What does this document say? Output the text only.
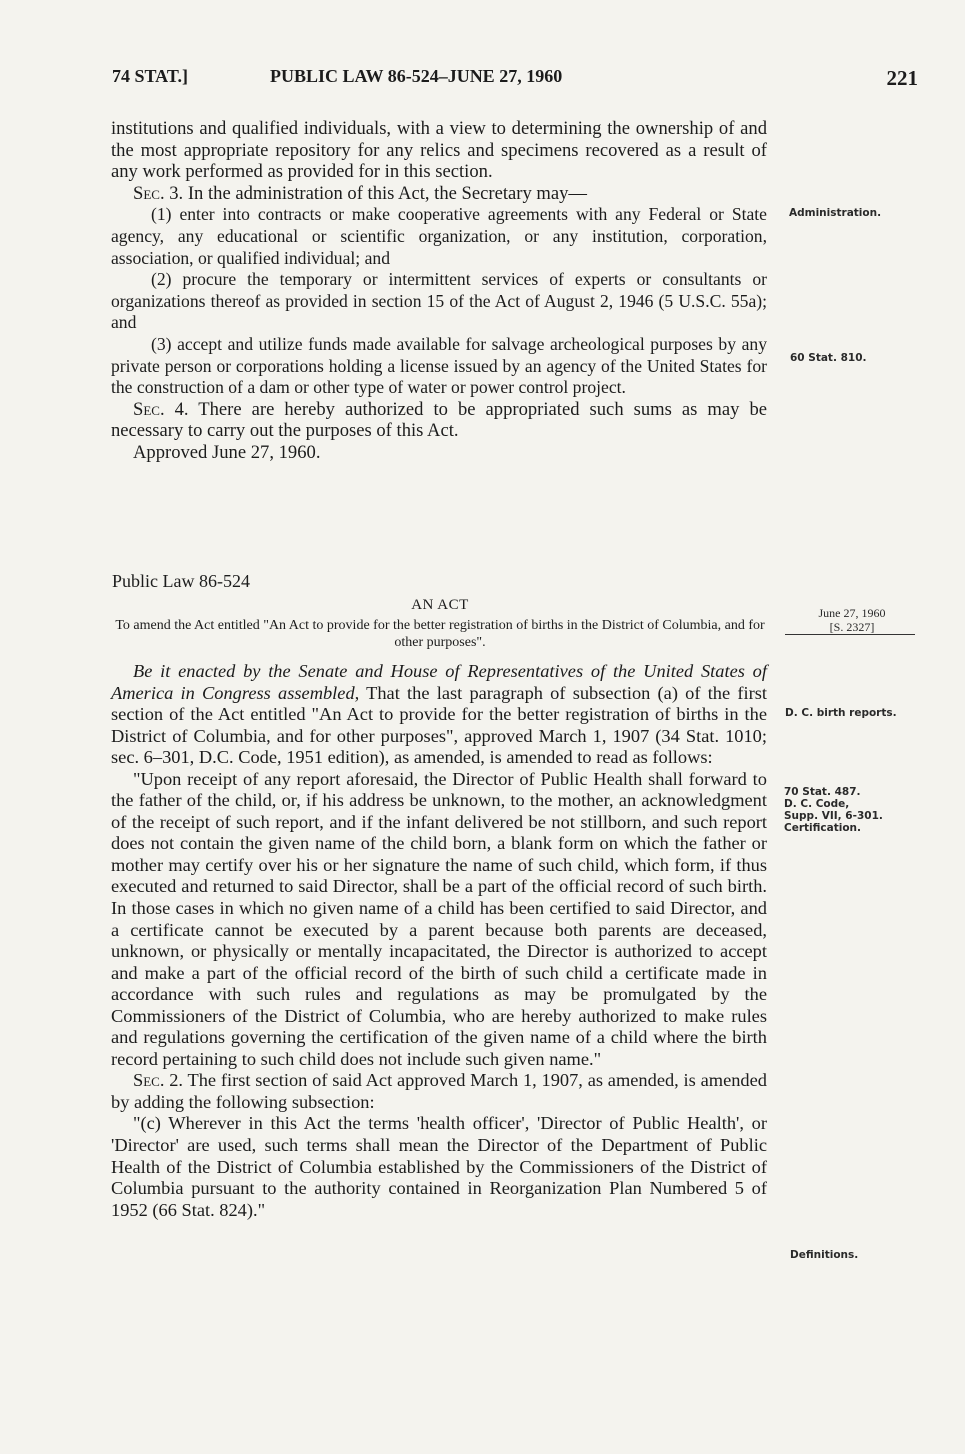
74 STAT.]	PUBLIC LAW 86-524–JUNE 27, 1960	221

institutions and qualified individuals, with a view to determining the ownership of and the most appropriate repository for any relics and specimens recovered as a result of any work performed as provided for in this section.

Sec. 3. In the administration of this Act, the Secretary may—

(1) enter into contracts or make cooperative agreements with any Federal or State agency, any educational or scientific organization, or any institution, corporation, association, or qualified individual; and

(2) procure the temporary or intermittent services of experts or consultants or organizations thereof as provided in section 15 of the Act of August 2, 1946 (5 U.S.C. 55a); and

(3) accept and utilize funds made available for salvage archeological purposes by any private person or corporations holding a license issued by an agency of the United States for the construction of a dam or other type of water or power control project.

Sec. 4. There are hereby authorized to be appropriated such sums as may be necessary to carry out the purposes of this Act.

Approved June 27, 1960.

Public Law 86-524
AN ACT
To amend the Act entitled "An Act to provide for the better registration of births in the District of Columbia, and for other purposes".

Be it enacted by the Senate and House of Representatives of the United States of America in Congress assembled, That the last paragraph of subsection (a) of the first section of the Act entitled "An Act to provide for the better registration of births in the District of Columbia, and for other purposes", approved March 1, 1907 (34 Stat. 1010; sec. 6–301, D.C. Code, 1951 edition), as amended, is amended to read as follows:

"Upon receipt of any report aforesaid, the Director of Public Health shall forward to the father of the child, or, if his address be unknown, to the mother, an acknowledgment of the receipt of such report, and if the infant delivered be not stillborn, and such report does not contain the given name of the child born, a blank form on which the father or mother may certify over his or her signature the name of such child, which form, if thus executed and returned to said Director, shall be a part of the official record of such birth. In those cases in which no given name of a child has been certified to said Director, and a certificate cannot be executed by a parent because both parents are deceased, unknown, or physically or mentally incapacitated, the Director is authorized to accept and make a part of the official record of the birth of such child a certificate made in accordance with such rules and regulations as may be promulgated by the Commissioners of the District of Columbia, who are hereby authorized to make rules and regulations governing the certification of the given name of a child where the birth record pertaining to such child does not include such given name."

Sec. 2. The first section of said Act approved March 1, 1907, as amended, is amended by adding the following subsection:

"(c) Wherever in this Act the terms 'health officer', 'Director of Public Health', or 'Director' are used, such terms shall mean the Director of the Department of Public Health of the District of Columbia established by the Commissioners of the District of Columbia pursuant to the authority contained in Reorganization Plan Numbered 5 of 1952 (66 Stat. 824)."

Administration.
60 Stat. 810.
June 27, 1960
[S. 2327]
D. C. birth reports.
70 Stat. 487.
D. C. Code,
Supp. VII, 6-301.
Certification.
Definitions.
